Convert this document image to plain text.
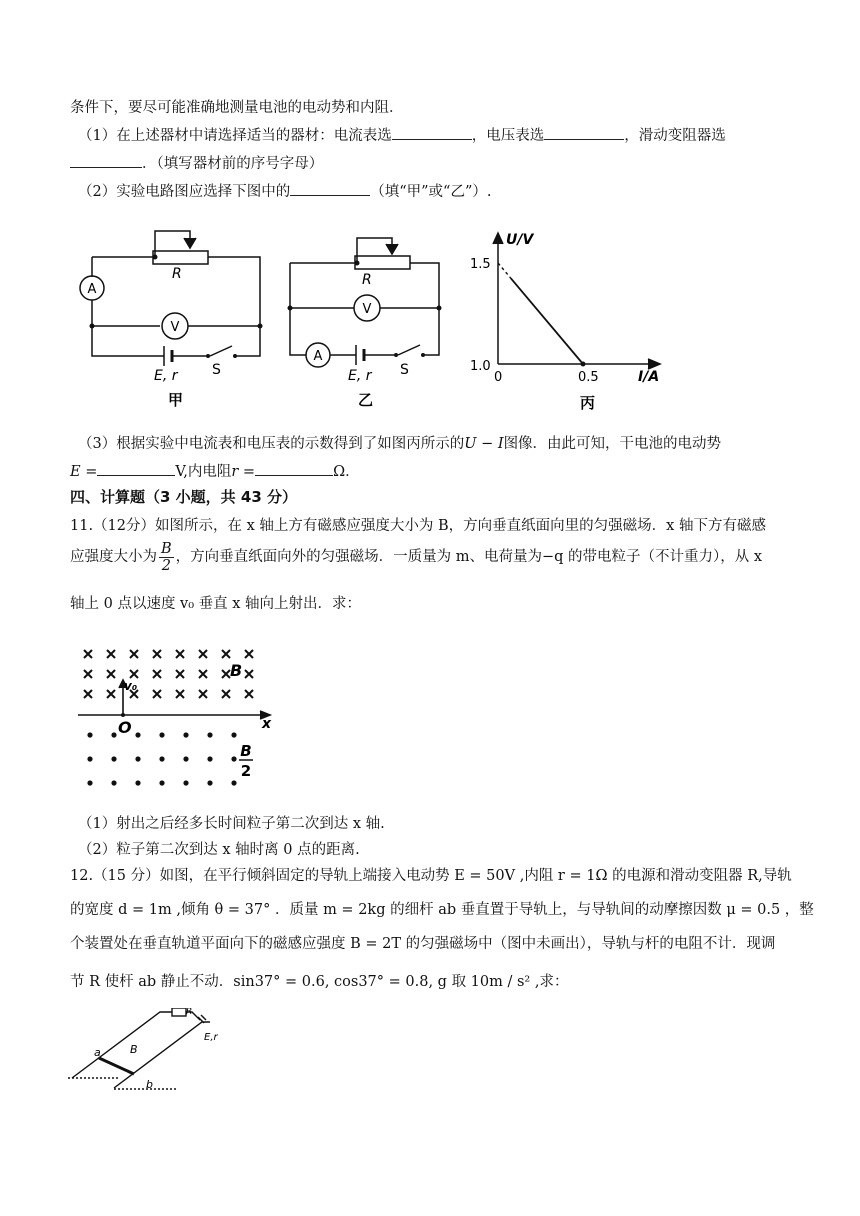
条件下，要尽可能准确地测量电池的电动势和内阻．
（1）在上述器材中请选择适当的器材：电流表选	，电压表选	，滑动变阻器选
．（填写器材前的序号字母）
（2）实验电路图应选择下图中的	（填“甲”或“乙”）.
R
A
V
E, r S
甲
R
A
V
E, r S
乙
U/V
1.5
1.0
0	0.5	I/A
丙
（3）根据实验中电流表和电压表的示数得到了如图丙所示的U − I图像．由此可知，干电池的电动势
E =	V,内电阻r =	Ω．
四、计算题（3 小题，共 43 分）
11.（12分）如图所示，在 x 轴上方有磁感应强度大小为 B，方向垂直纸面向里的匀强磁场．x 轴下方有磁感
应强度大小为 $\frac{B}{2}$ ，方向垂直纸面向外的匀强磁场．一质量为 m、电荷量为−q 的带电粒子（不计重力），从 x
轴上 0 点以速度 v₀ 垂直 x 轴向上射出．求：
B
v₀
O	x
B
2
（1）射出之后经多长时间粒子第二次到达 x 轴.
（2）粒子第二次到达 x 轴时离 0 点的距离.
12.（15 分）如图，在平行倾斜固定的导轨上端接入电动势 E = 50V ,内阻 r = 1Ω 的电源和滑动变阻器 R,导轨
的宽度 d = 1m ,倾角 θ = 37° ．质量 m = 2kg 的细杆 ab 垂直置于导轨上，与导轨间的动摩擦因数 μ = 0.5 ，整
个装置处在垂直轨道平面向下的磁感应强度 B = 2T 的匀强磁场中（图中未画出），导轨与杆的电阻不计．现调
节 R 使杆 ab 静止不动．sin37° = 0.6, cos37° = 0.8, g 取 10m / s² ,求：
R
E,r
a	B
b
